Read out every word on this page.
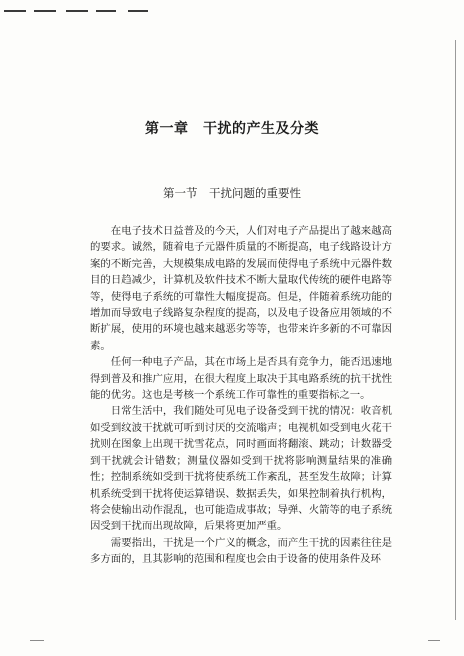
第一章　干扰的产生及分类
第一节　干扰问题的重要性

在电子技术日益普及的今天，人们对电子产品提出了越来越高的要求。诚然，随着电子元器件质量的不断提高，电子线路设计方案的不断完善，大规模集成电路的发展而使得电子系统中元器件数目的日趋减少，计算机及软件技术不断大量取代传统的硬件电路等等，使得电子系统的可靠性大幅度提高。但是，伴随着系统功能的增加而导致电子线路复杂程度的提高，以及电子设备应用领域的不断扩展，使用的环境也越来越恶劣等等，也带来许多新的不可靠因素。

任何一种电子产品，其在市场上是否具有竞争力，能否迅速地得到普及和推广应用，在很大程度上取决于其电路系统的抗干扰性能的优劣。这也是考核一个系统工作可靠性的重要指标之一。

日常生活中，我们随处可见电子设备受到干扰的情况：收音机如受到纹波干扰就可听到讨厌的交流嗡声；电视机如受到电火花干扰则在图象上出现干扰雪花点，同时画面将翻滚、跳动；计数器受到干扰就会计错数；测量仪器如受到干扰将影响测量结果的准确性；控制系统如受到干扰将使系统工作紊乱，甚至发生故障；计算机系统受到干扰将使运算错误、数据丢失，如果控制着执行机构，将会使输出动作混乱，也可能造成事故；导弹、火箭等的电子系统因受到干扰而出现故障，后果将更加严重。

需要指出，干扰是一个广义的概念，而产生干扰的因素往往是多方面的，且其影响的范围和程度也会由于设备的使用条件及环
